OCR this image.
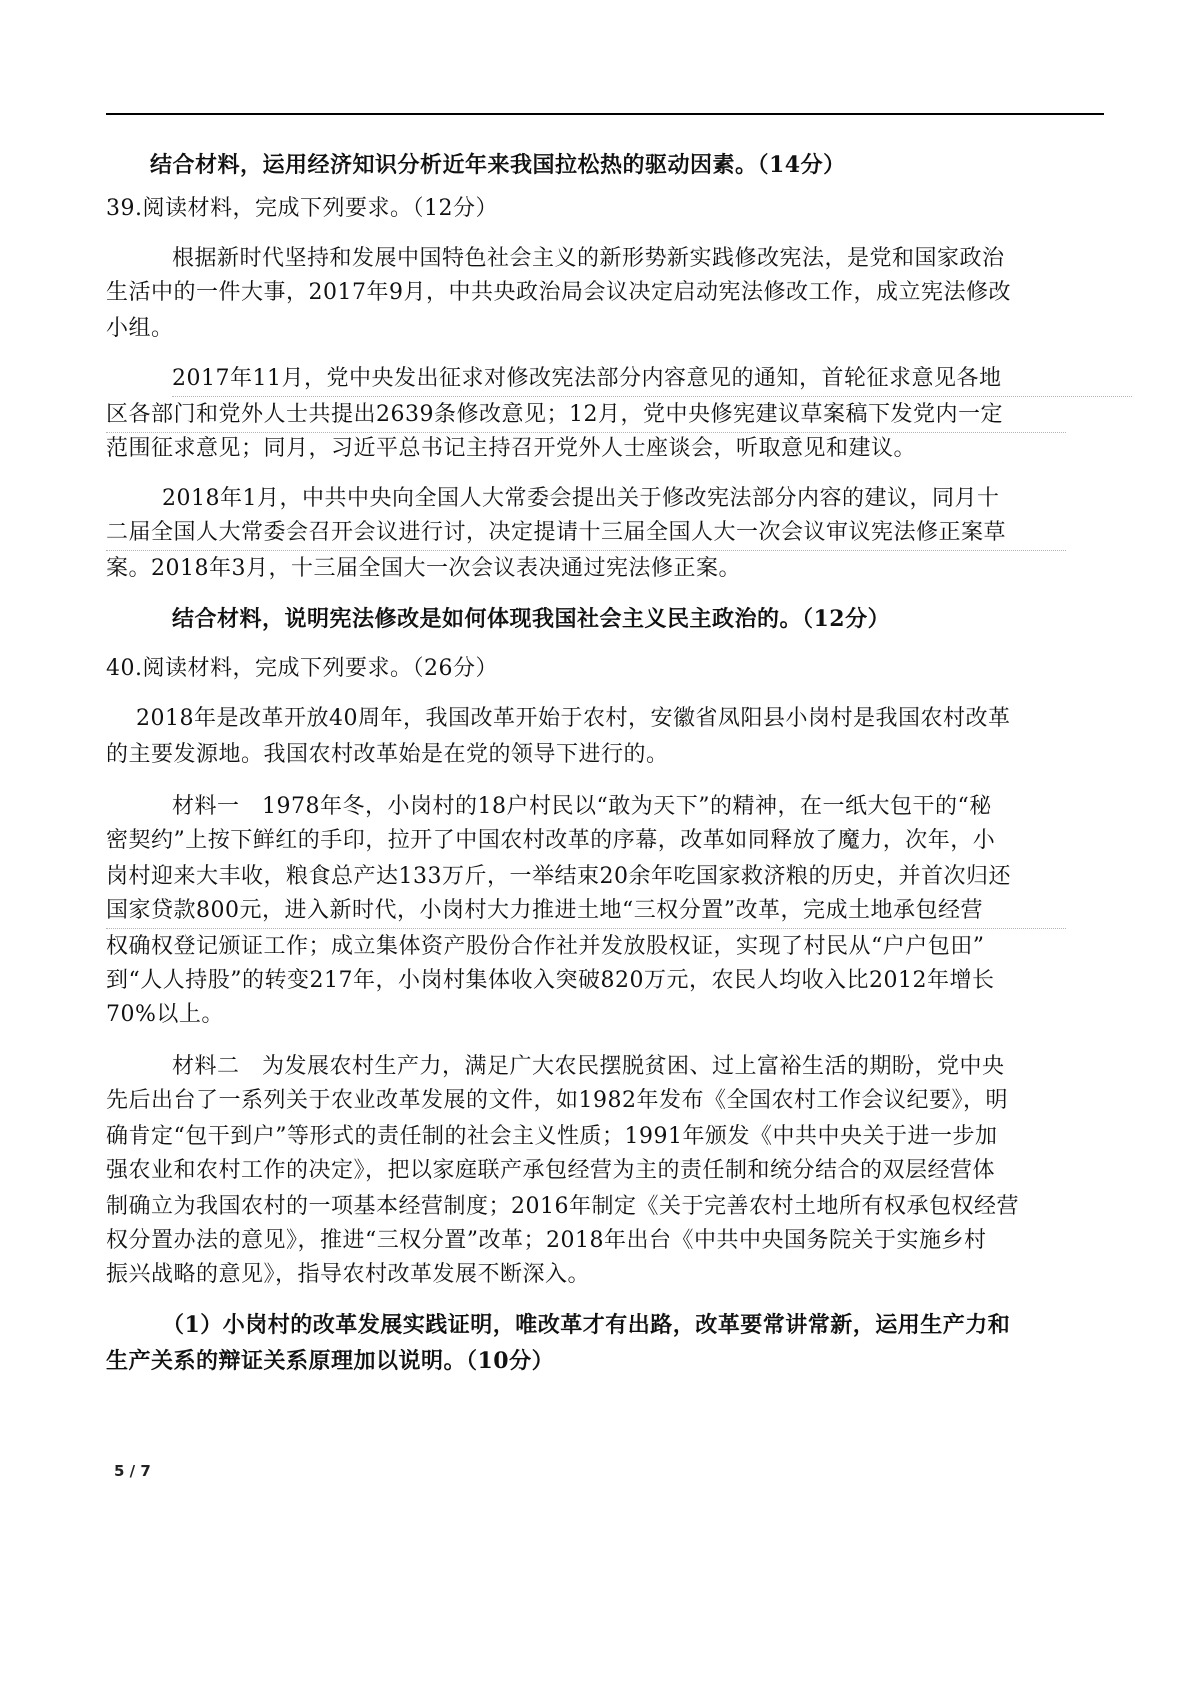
结合材料，运用经济知识分析近年来我国拉松热的驱动因素。（14分）
39.阅读材料，完成下列要求。（12分）
根据新时代坚持和发展中国特色社会主义的新形势新实践修改宪法，是党和国家政治
生活中的一件大事，2017年9月，中共央政治局会议决定启动宪法修改工作，成立宪法修改
小组。
2017年11月，党中央发出征求对修改宪法部分内容意见的通知，首轮征求意见各地
区各部门和党外人士共提出2639条修改意见；12月，党中央修宪建议草案稿下发党内一定
范围征求意见；同月，习近平总书记主持召开党外人士座谈会，听取意见和建议。
2018年1月，中共中央向全国人大常委会提出关于修改宪法部分内容的建议，同月十
二届全国人大常委会召开会议进行讨，决定提请十三届全国人大一次会议审议宪法修正案草
案。2018年3月，十三届全国大一次会议表决通过宪法修正案。
结合材料，说明宪法修改是如何体现我国社会主义民主政治的。（12分）
40.阅读材料，完成下列要求。（26分）
2018年是改革开放40周年，我国改革开始于农村，安徽省凤阳县小岗村是我国农村改革
的主要发源地。我国农村改革始是在党的领导下进行的。
材料一　1978年冬，小岗村的18户村民以“敢为天下”的精神，在一纸大包干的“秘
密契约”上按下鲜红的手印，拉开了中国农村改革的序幕，改革如同释放了魔力，次年，小
岗村迎来大丰收，粮食总产达133万斤，一举结束20余年吃国家救济粮的历史，并首次归还
国家贷款800元，进入新时代，小岗村大力推进土地“三权分置”改革，完成土地承包经营
权确权登记颁证工作；成立集体资产股份合作社并发放股权证，实现了村民从“户户包田”
到“人人持股”的转变217年，小岗村集体收入突破820万元，农民人均收入比2012年增长
70%以上。
材料二　为发展农村生产力，满足广大农民摆脱贫困、过上富裕生活的期盼，党中央
先后出台了一系列关于农业改革发展的文件，如1982年发布《全国农村工作会议纪要》，明
确肯定“包干到户”等形式的责任制的社会主义性质；1991年颁发《中共中央关于进一步加
强农业和农村工作的决定》，把以家庭联产承包经营为主的责任制和统分结合的双层经营体
制确立为我国农村的一项基本经营制度；2016年制定《关于完善农村土地所有权承包权经营
权分置办法的意见》，推进“三权分置”改革；2018年出台《中共中央国务院关于实施乡村
振兴战略的意见》，指导农村改革发展不断深入。
（1）小岗村的改革发展实践证明，唯改革才有出路，改革要常讲常新，运用生产力和
生产关系的辩证关系原理加以说明。（10分）
5 / 7
